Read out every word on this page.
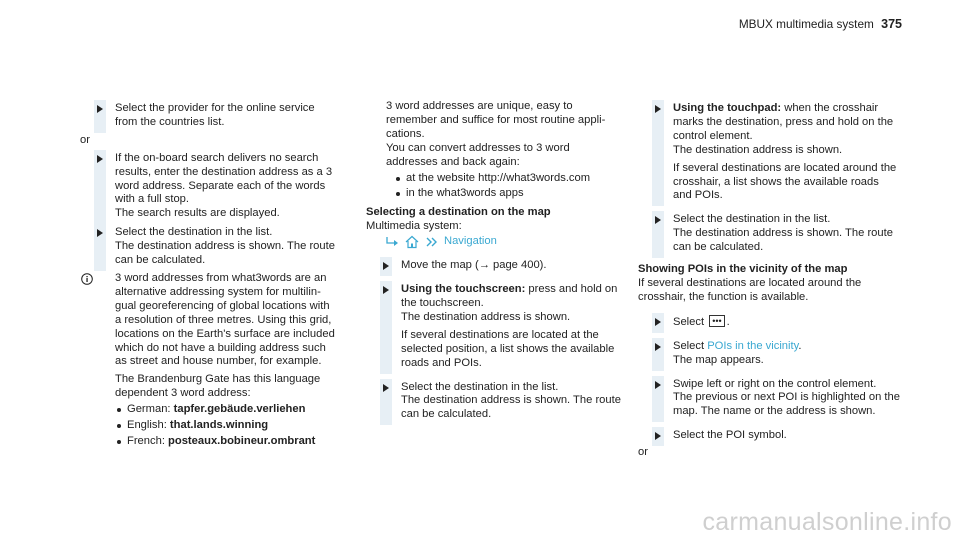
MBUX multimedia system 375
Select the provider for the online service
from the countries list.
or
If the on-board search delivers no search
results, enter the destination address as a 3
word address. Separate each of the words
with a full stop.
The search results are displayed.
Select the destination in the list.
The destination address is shown. The route
can be calculated.
3 word addresses from what3words are an
alternative addressing system for multilin-
gual georeferencing of global locations with
a resolution of three metres. Using this grid,
locations on the Earth's surface are included
which do not have a building address such
as street and house number, for example.
The Brandenburg Gate has this language
dependent 3 word address:
German: tapfer.gebäude.verliehen
English: that.lands.winning
French: posteaux.bobineur.ombrant
3 word addresses are unique, easy to
remember and suffice for most routine appli-
cations.
You can convert addresses to 3 word
addresses and back again:
at the website http://what3words.com
in the what3words apps
Selecting a destination on the map
Multimedia system:
Navigation
Move the map (→ page 400).
Using the touchscreen: press and hold on
the touchscreen.
The destination address is shown.
If several destinations are located at the
selected position, a list shows the available
roads and POIs.
Select the destination in the list.
The destination address is shown. The route
can be calculated.
Using the touchpad: when the crosshair
marks the destination, press and hold on the
control element.
The destination address is shown.
If several destinations are located around the
crosshair, a list shows the available roads
and POIs.
Select the destination in the list.
The destination address is shown. The route
can be calculated.
Showing POIs in the vicinity of the map
If several destinations are located around the
crosshair, the function is available.
Select ••• .
Select POIs in the vicinity.
The map appears.
Swipe left or right on the control element.
The previous or next POI is highlighted on the
map. The name or the address is shown.
Select the POI symbol.
or
carmanualsonline.info
